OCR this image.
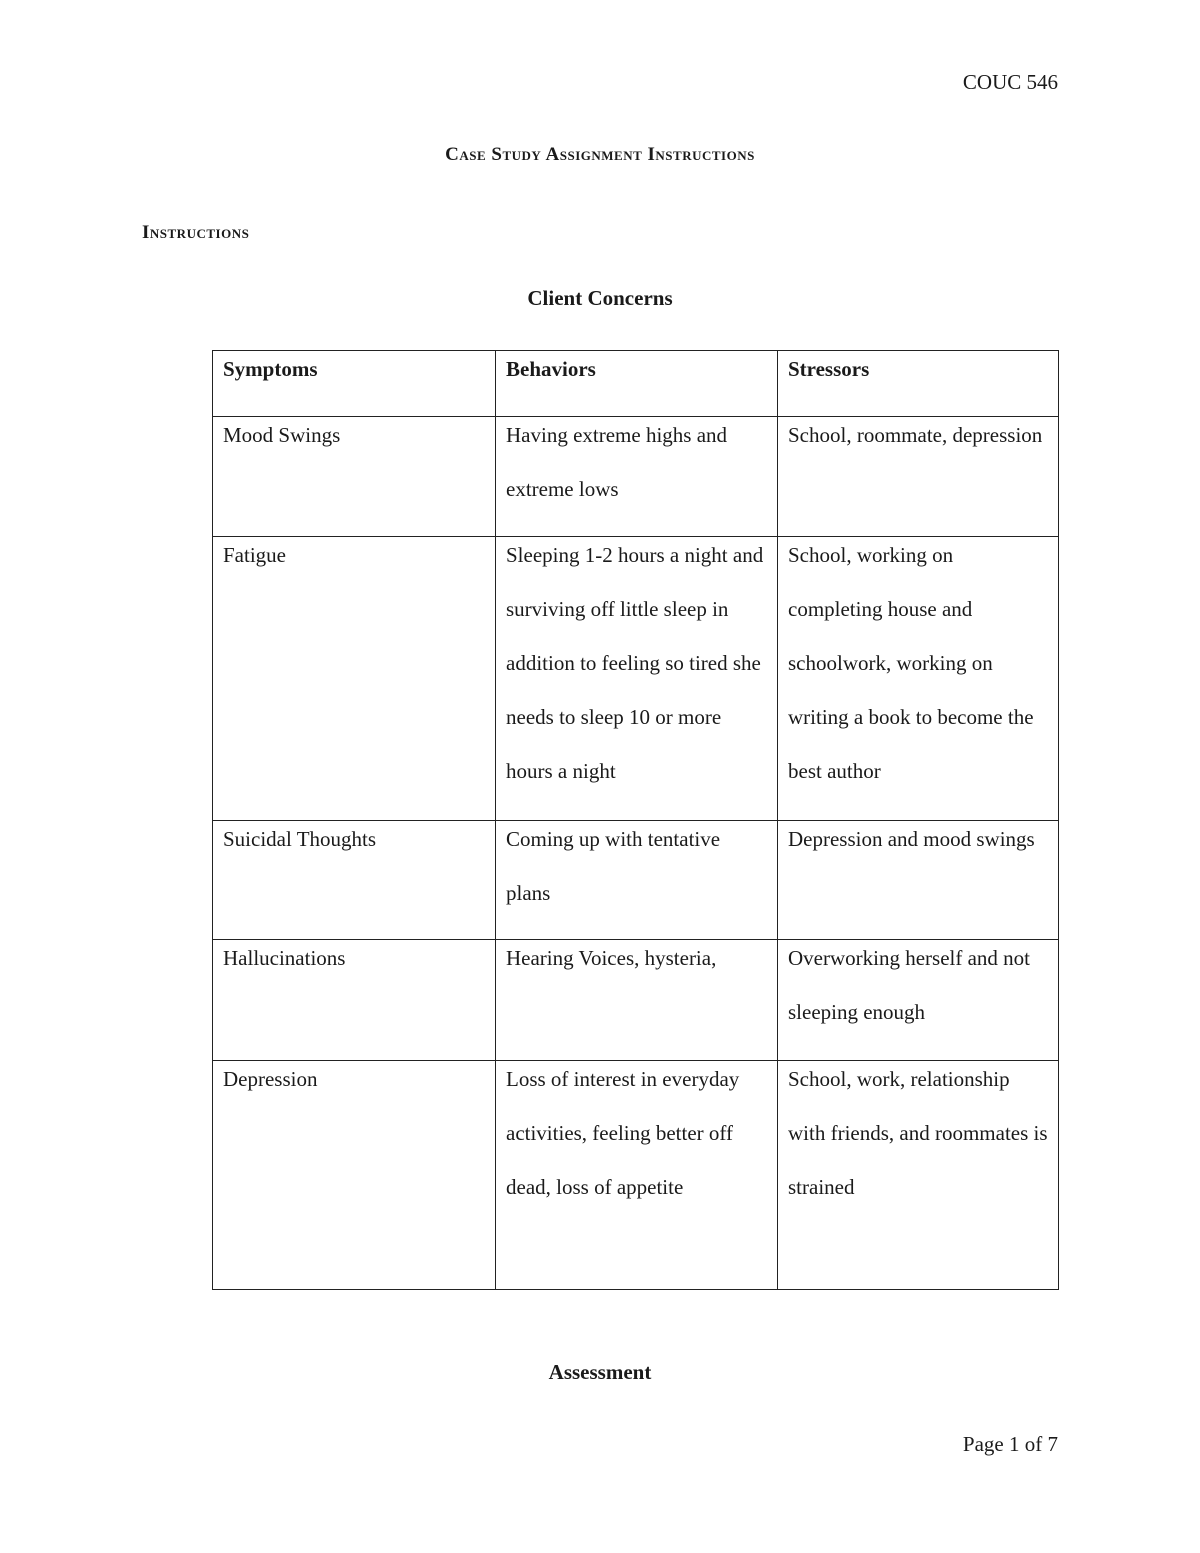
COUC 546
Case Study Assignment Instructions
Instructions
Client Concerns
Symptoms	Behaviors	Stressors

Mood Swings	Having extreme highs and extreme lows	School, roommate, depression

Fatigue	Sleeping 1-2 hours a night and surviving off little sleep in addition to feeling so tired she needs to sleep 10 or more hours a night	School, working on completing house and schoolwork, working on writing a book to become the best author

Suicidal Thoughts	Coming up with tentative plans	Depression and mood swings

Hallucinations	Hearing Voices, hysteria,	Overworking herself and not sleeping enough

Depression	Loss of interest in everyday activities, feeling better off dead, loss of appetite	School, work, relationship with friends, and roommates is strained
Assessment
Page 1 of 7
